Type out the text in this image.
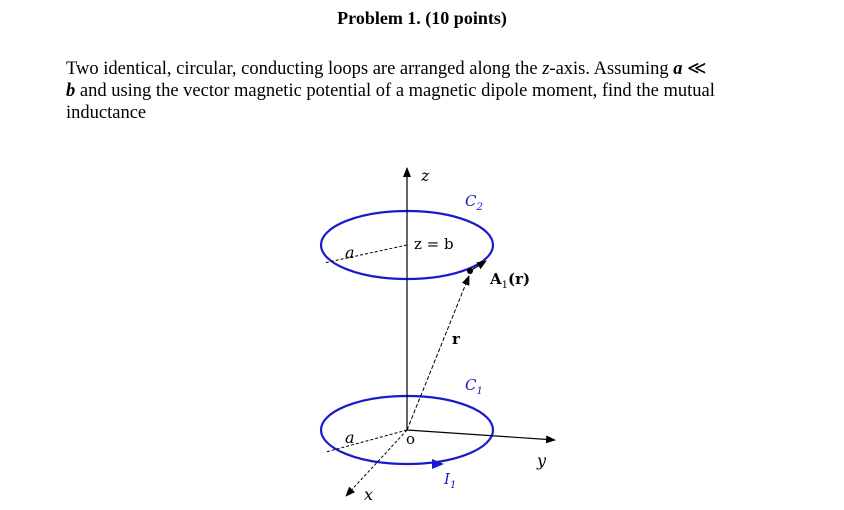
Problem 1. (10 points)
Two identical, circular, conducting loops are arranged along the z-axis. Assuming a ≪
b and using the vector magnetic potential of a magnetic dipole moment, find the mutual inductance
z
y
x
o
$C_2$
$C_1$
z = b
a
a
r
$A_1(r)$
$I_1$
